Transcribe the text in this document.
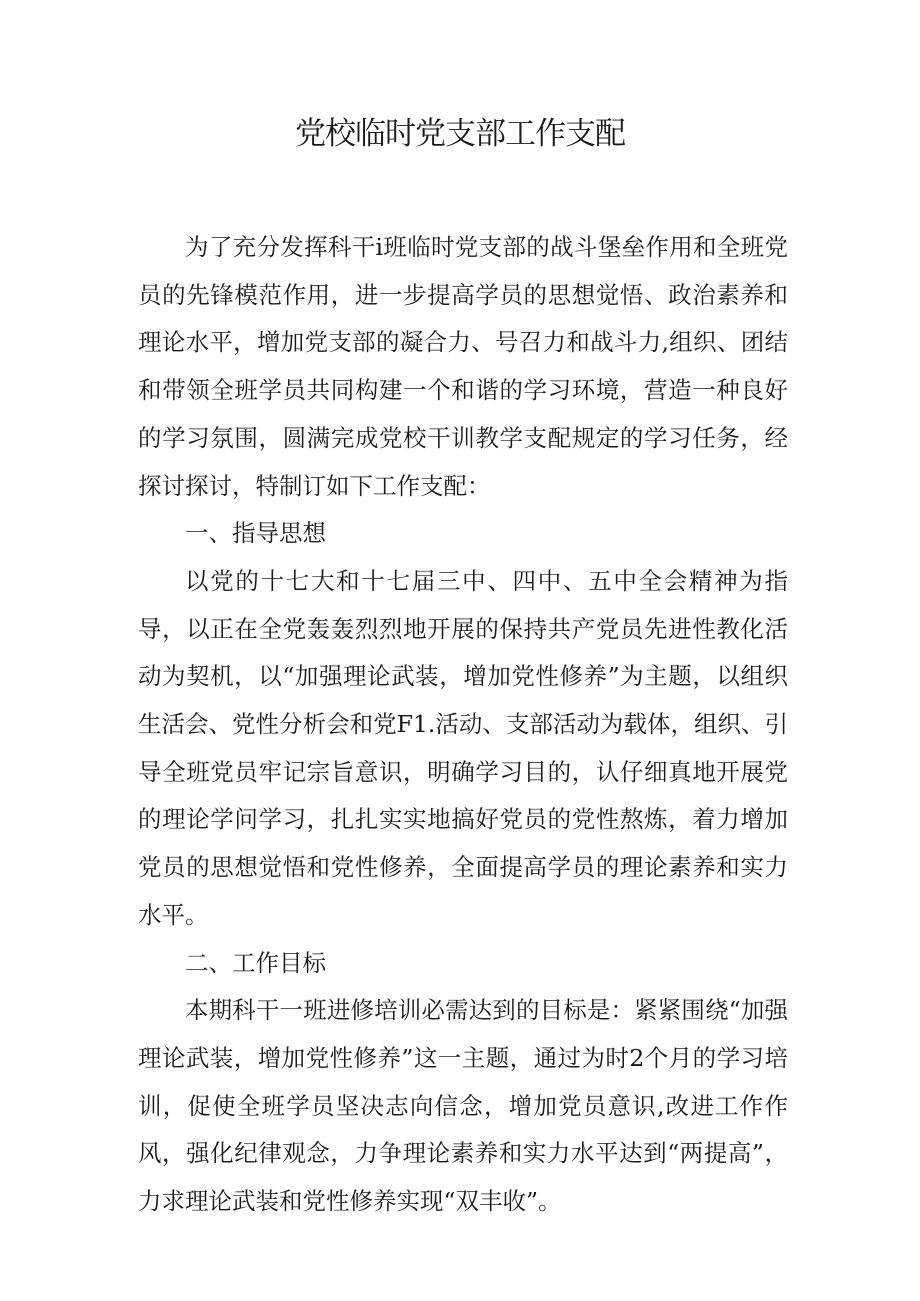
党校临时党支部工作支配

为了充分发挥科干i班临时党支部的战斗堡垒作用和全班党员的先锋模范作用，进一步提高学员的思想觉悟、政治素养和理论水平，增加党支部的凝合力、号召力和战斗力,组织、团结和带领全班学员共同构建一个和谐的学习环境，营造一种良好的学习氛围，圆满完成党校干训教学支配规定的学习任务，经探讨探讨，特制订如下工作支配：

一、指导思想

以党的十七大和十七届三中、四中、五中全会精神为指导，以正在全党轰轰烈烈地开展的保持共产党员先进性教化活动为契机，以“加强理论武装，增加党性修养”为主题，以组织生活会、党性分析会和党F1.活动、支部活动为载体，组织、引导全班党员牢记宗旨意识，明确学习目的，认仔细真地开展党的理论学问学习，扎扎实实地搞好党员的党性熬炼，着力增加党员的思想觉悟和党性修养，全面提高学员的理论素养和实力水平。

二、工作目标

本期科干一班进修培训必需达到的目标是：紧紧围绕“加强理论武装，增加党性修养”这一主题，通过为时2个月的学习培训，促使全班学员坚决志向信念，增加党员意识,改进工作作风，强化纪律观念，力争理论素养和实力水平达到“两提高”，力求理论武装和党性修养实现“双丰收”。
